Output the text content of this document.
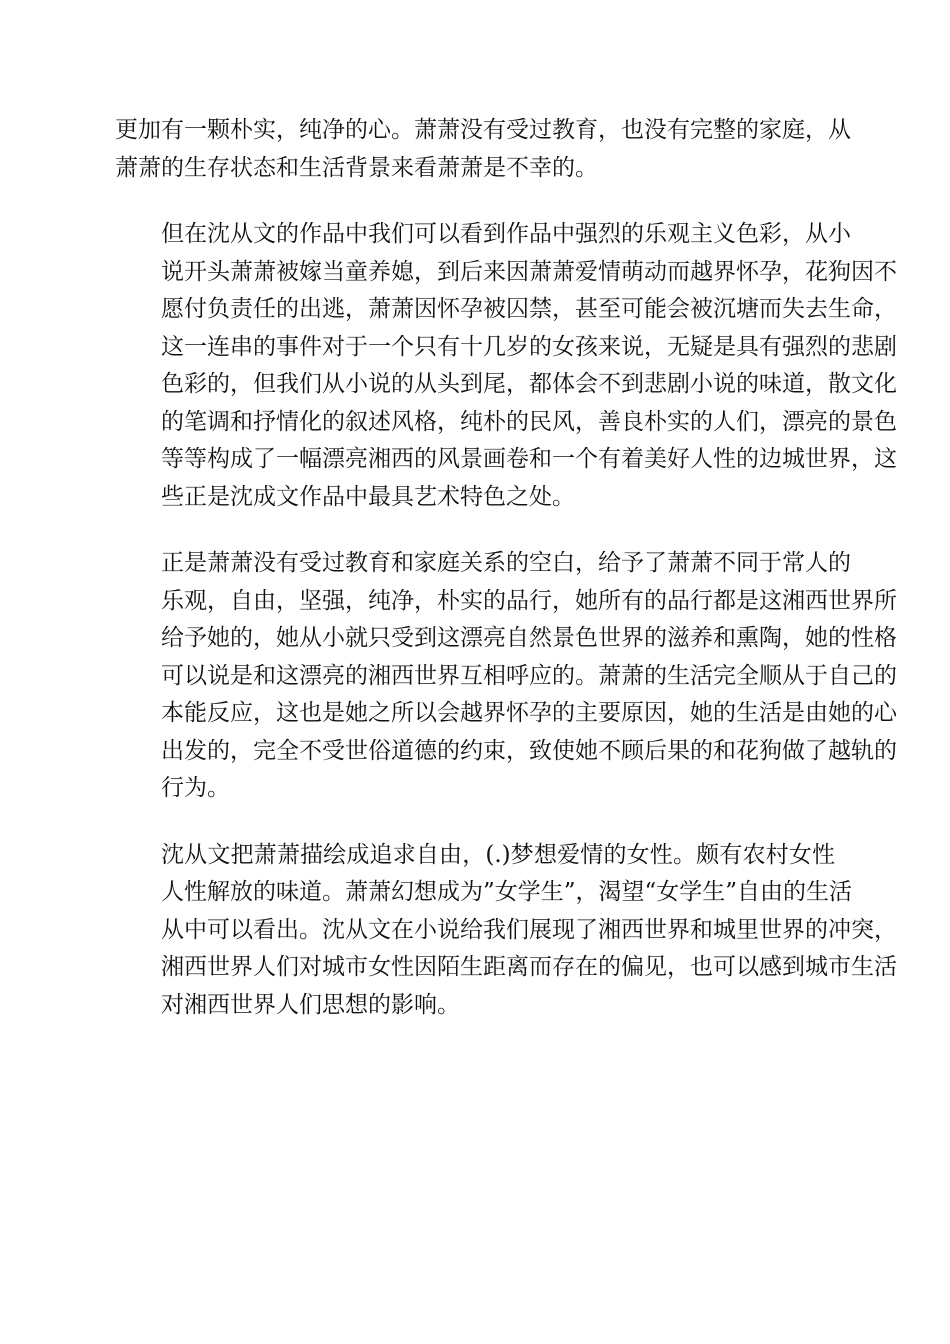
更加有一颗朴实，纯净的心。萧萧没有受过教育，也没有完整的家庭，从
萧萧的生存状态和生活背景来看萧萧是不幸的。

但在沈从文的作品中我们可以看到作品中强烈的乐观主义色彩，从小
说开头萧萧被嫁当童养媳，到后来因萧萧爱情萌动而越界怀孕，花狗因不
愿付负责任的出逃，萧萧因怀孕被囚禁，甚至可能会被沉塘而失去生命，
这一连串的事件对于一个只有十几岁的女孩来说，无疑是具有强烈的悲剧
色彩的，但我们从小说的从头到尾，都体会不到悲剧小说的味道，散文化
的笔调和抒情化的叙述风格，纯朴的民风，善良朴实的人们，漂亮的景色
等等构成了一幅漂亮湘西的风景画卷和一个有着美好人性的边城世界，这
些正是沈成文作品中最具艺术特色之处。

正是萧萧没有受过教育和家庭关系的空白，给予了萧萧不同于常人的
乐观，自由，坚强，纯净，朴实的品行，她所有的品行都是这湘西世界所
给予她的，她从小就只受到这漂亮自然景色世界的滋养和熏陶，她的性格
可以说是和这漂亮的湘西世界互相呼应的。萧萧的生活完全顺从于自己的
本能反应，这也是她之所以会越界怀孕的主要原因，她的生活是由她的心
出发的，完全不受世俗道德的约束，致使她不顾后果的和花狗做了越轨的
行为。

沈从文把萧萧描绘成追求自由，(.)梦想爱情的女性。颇有农村女性
人性解放的味道。萧萧幻想成为”女学生”，渴望“女学生”自由的生活
从中可以看出。沈从文在小说给我们展现了湘西世界和城里世界的冲突，
湘西世界人们对城市女性因陌生距离而存在的偏见，也可以感到城市生活
对湘西世界人们思想的影响。
